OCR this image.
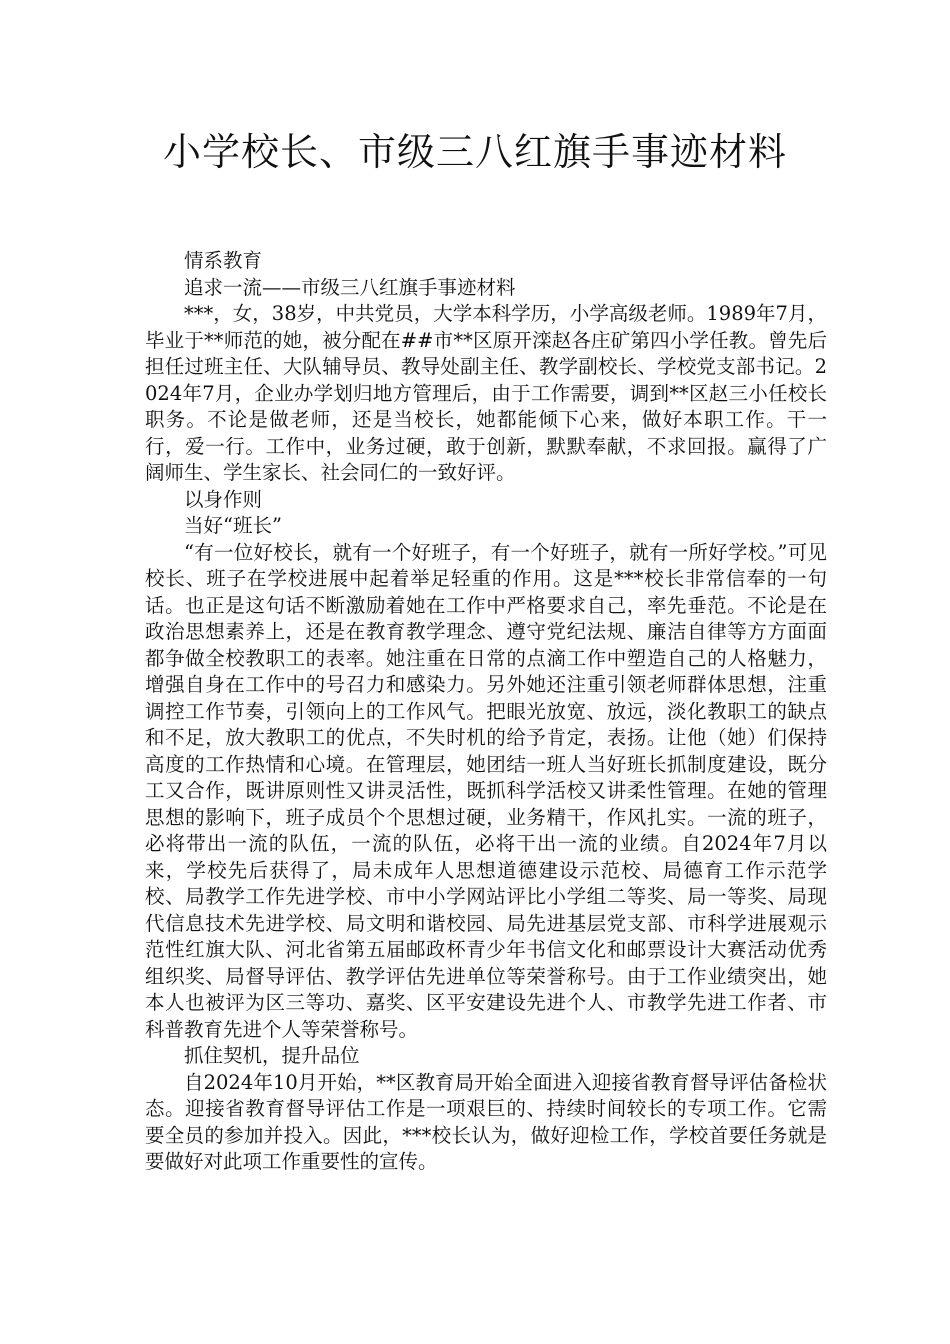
小学校长、市级三八红旗手事迹材料

情系教育

追求一流——市级三八红旗手事迹材料

***，女，38岁，中共党员，大学本科学历，小学高级老师。1989年7月，毕业于**师范的她，被分配在##市**区原开滦赵各庄矿第四小学任教。曾先后担任过班主任、大队辅导员、教导处副主任、教学副校长、学校党支部书记。2024年7月，企业办学划归地方管理后，由于工作需要，调到**区赵三小任校长职务。不论是做老师，还是当校长，她都能倾下心来，做好本职工作。干一行，爱一行。工作中，业务过硬，敢于创新，默默奉献，不求回报。赢得了广阔师生、学生家长、社会同仁的一致好评。

以身作则

当好“班长”

“有一位好校长，就有一个好班子，有一个好班子，就有一所好学校。”可见校长、班子在学校进展中起着举足轻重的作用。这是***校长非常信奉的一句话。也正是这句话不断激励着她在工作中严格要求自己，率先垂范。不论是在政治思想素养上，还是在教育教学理念、遵守党纪法规、廉洁自律等方方面面都争做全校教职工的表率。她注重在日常的点滴工作中塑造自己的人格魅力，增强自身在工作中的号召力和感染力。另外她还注重引领老师群体思想，注重调控工作节奏，引领向上的工作风气。把眼光放宽、放远，淡化教职工的缺点和不足，放大教职工的优点，不失时机的给予肯定，表扬。让他（她）们保持高度的工作热情和心境。在管理层，她团结一班人当好班长抓制度建设，既分工又合作，既讲原则性又讲灵活性，既抓科学活校又讲柔性管理。在她的管理思想的影响下，班子成员个个思想过硬，业务精干，作风扎实。一流的班子，必将带出一流的队伍，一流的队伍，必将干出一流的业绩。自2024年7月以来，学校先后获得了，局未成年人思想道德建设示范校、局德育工作示范学校、局教学工作先进学校、市中小学网站评比小学组二等奖、局一等奖、局现代信息技术先进学校、局文明和谐校园、局先进基层党支部、市科学进展观示范性红旗大队、河北省第五届邮政杯青少年书信文化和邮票设计大赛活动优秀组织奖、局督导评估、教学评估先进单位等荣誉称号。由于工作业绩突出，她本人也被评为区三等功、嘉奖、区平安建设先进个人、市教学先进工作者、市科普教育先进个人等荣誉称号。

抓住契机，提升品位

自2024年10月开始，**区教育局开始全面进入迎接省教育督导评估备检状态。迎接省教育督导评估工作是一项艰巨的、持续时间较长的专项工作。它需要全员的参加并投入。因此，***校长认为，做好迎检工作，学校首要任务就是要做好对此项工作重要性的宣传。
